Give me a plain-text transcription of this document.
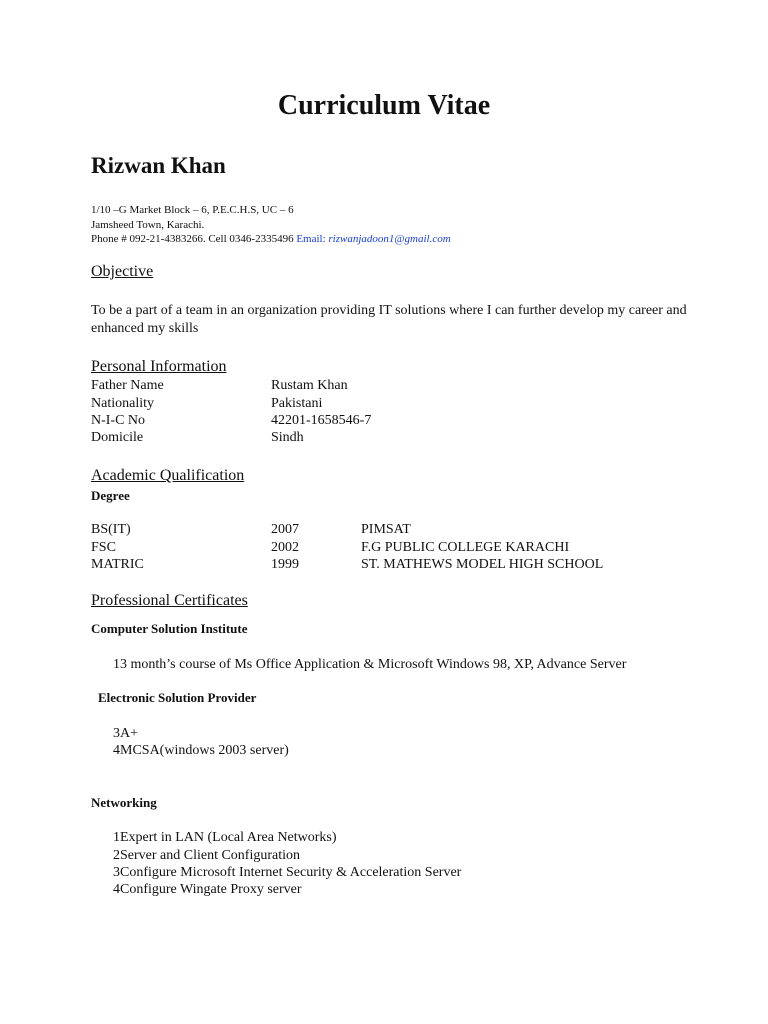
Curriculum Vitae
Rizwan Khan
1/10 –G Market Block – 6, P.E.C.H.S, UC – 6
Jamsheed Town, Karachi.
Phone # 092-21-4383266. Cell 0346-2335496 Email: rizwanjadoon1@gmail.com
Objective
To be a part of a team in an organization providing IT solutions where I can further develop my career and enhanced my skills
Personal Information
Father Name	Rustam Khan
Nationality	Pakistani
N-I-C No	42201-1658546-7
Domicile	Sindh
Academic Qualification
Degree
BS(IT)	2007	PIMSAT
FSC	2002	F.G PUBLIC COLLEGE KARACHI
MATRIC	1999	ST. MATHEWS MODEL HIGH SCHOOL
Professional Certificates
Computer Solution Institute
13 month’s course of Ms Office Application & Microsoft Windows 98, XP, Advance Server
Electronic Solution Provider
3A+
4MCSA(windows 2003 server)
Networking
1Expert in LAN (Local Area Networks)
2Server and Client Configuration
3Configure Microsoft Internet Security & Acceleration Server
4Configure Wingate Proxy server
